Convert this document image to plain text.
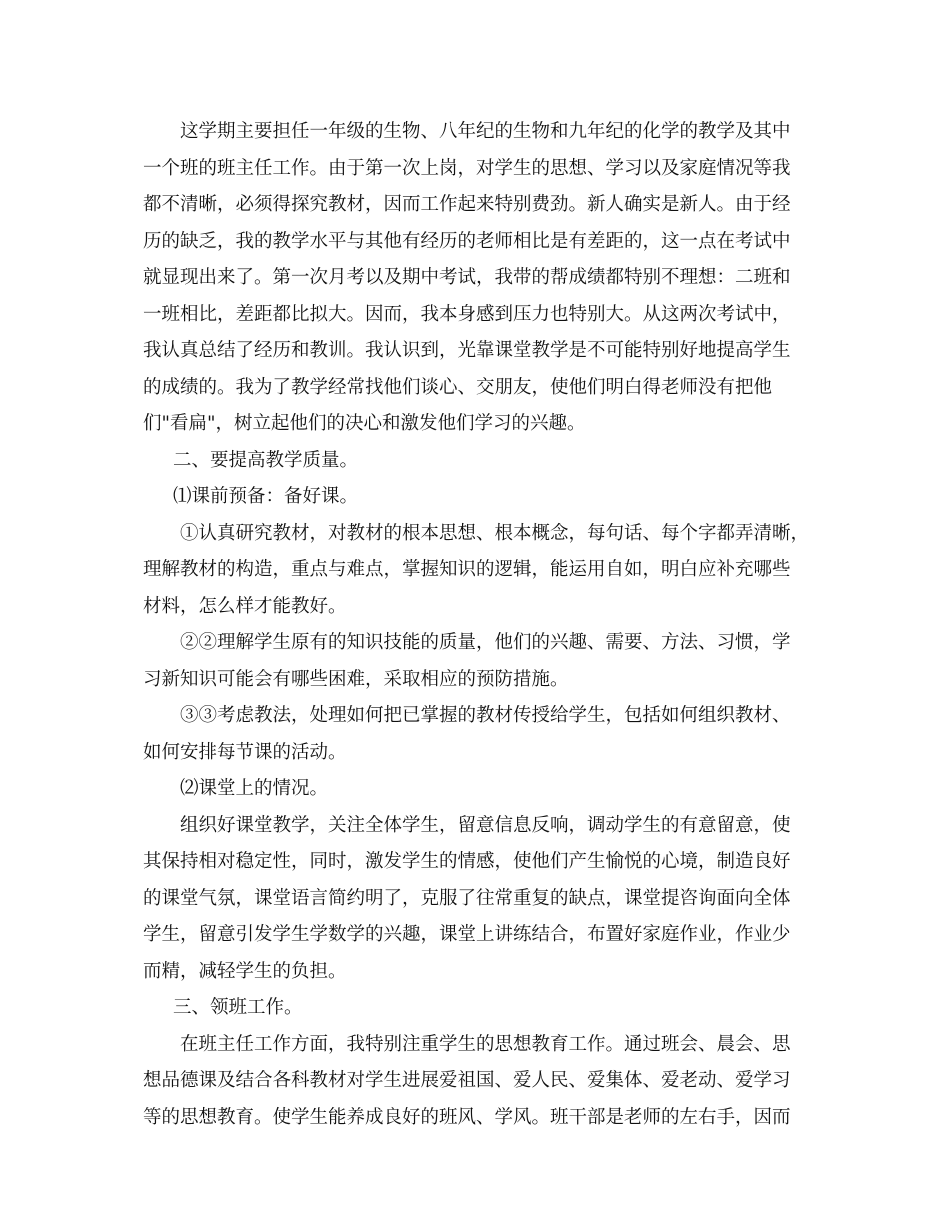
这学期主要担任一年级的生物、八年纪的生物和九年纪的化学的教学及其中
一个班的班主任工作。由于第一次上岗，对学生的思想、学习以及家庭情况等我
都不清晰，必须得探究教材，因而工作起来特别费劲。新人确实是新人。由于经
历的缺乏，我的教学水平与其他有经历的老师相比是有差距的，这一点在考试中
就显现出来了。第一次月考以及期中考试，我带的帮成绩都特别不理想：二班和
一班相比，差距都比拟大。因而，我本身感到压力也特别大。从这两次考试中，
我认真总结了经历和教训。我认识到，光靠课堂教学是不可能特别好地提高学生
的成绩的。我为了教学经常找他们谈心、交朋友，使他们明白得老师没有把他
们"看扁"，树立起他们的决心和激发他们学习的兴趣。
二、要提高教学质量。
⑴课前预备：备好课。
①认真研究教材，对教材的根本思想、根本概念，每句话、每个字都弄清晰，
理解教材的构造，重点与难点，掌握知识的逻辑，能运用自如，明白应补充哪些
材料，怎么样才能教好。
②②理解学生原有的知识技能的质量，他们的兴趣、需要、方法、习惯，学
习新知识可能会有哪些困难，采取相应的预防措施。
③③考虑教法，处理如何把已掌握的教材传授给学生，包括如何组织教材、
如何安排每节课的活动。
⑵课堂上的情况。
组织好课堂教学，关注全体学生，留意信息反响，调动学生的有意留意，使
其保持相对稳定性，同时，激发学生的情感，使他们产生愉悦的心境，制造良好
的课堂气氛，课堂语言简约明了，克服了往常重复的缺点，课堂提咨询面向全体
学生，留意引发学生学数学的兴趣，课堂上讲练结合，布置好家庭作业，作业少
而精，减轻学生的负担。
三、领班工作。
在班主任工作方面，我特别注重学生的思想教育工作。通过班会、晨会、思
想品德课及结合各科教材对学生进展爱祖国、爱人民、爱集体、爱老动、爱学习
等的思想教育。使学生能养成良好的班风、学风。班干部是老师的左右手，因而
